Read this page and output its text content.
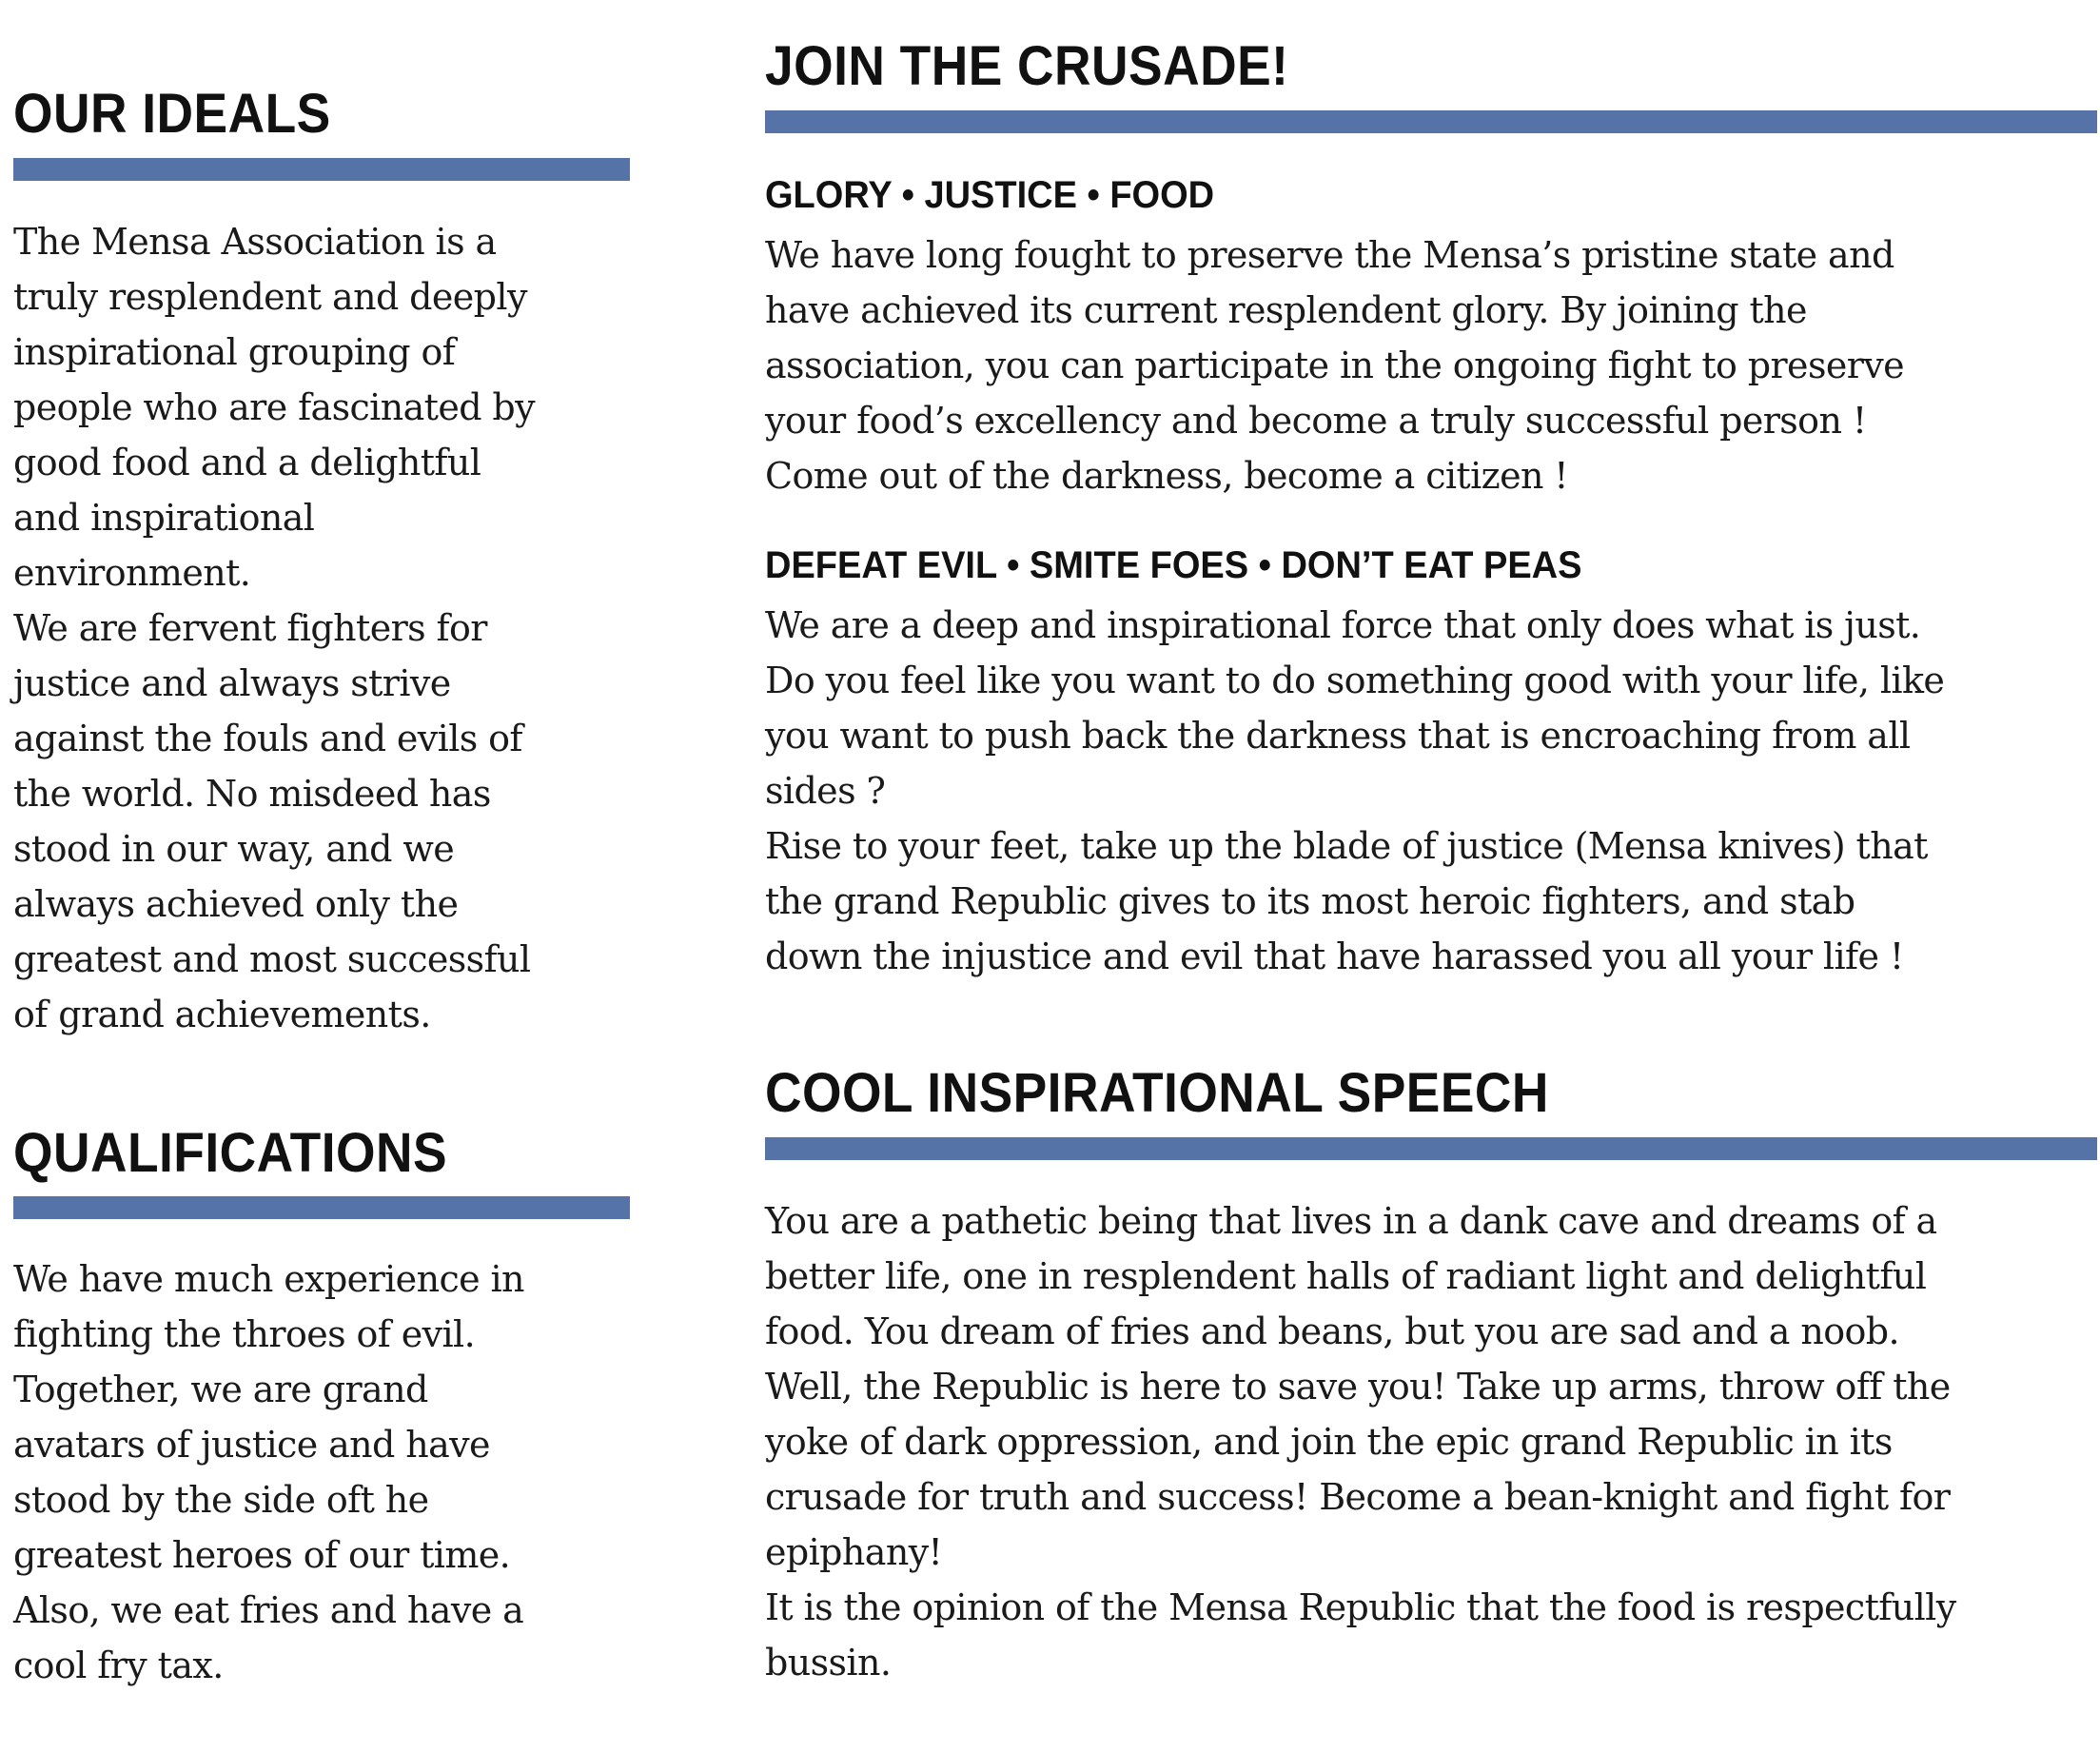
OUR IDEALS

The Mensa Association is a
truly resplendent and deeply
inspirational grouping of
people who are fascinated by
good food and a delightful
and inspirational
environment.

We are fervent fighters for
justice and always strive
against the fouls and evils of
the world. No misdeed has
stood in our way, and we
always achieved only the
greatest and most successful
of grand achievements.

QUALIFICATIONS

We have much experience in
fighting the throes of evil.
Together, we are grand
avatars of justice and have
stood by the side oft he
greatest heroes of our time.
Also, we eat fries and have a
cool fry tax.

JOIN THE CRUSADE!
GLORY • JUSTICE • FOOD

We have long fought to preserve the Mensa’s pristine state and
have achieved its current resplendent glory. By joining the
association, you can participate in the ongoing fight to preserve
your food’s excellency and become a truly successful person !
Come out of the darkness, become a citizen !

DEFEAT EVIL • SMITE FOES • DON’T EAT PEAS

We are a deep and inspirational force that only does what is just.
Do you feel like you want to do something good with your life, like
you want to push back the darkness that is encroaching from all
sides ?

Rise to your feet, take up the blade of justice (Mensa knives) that
the grand Republic gives to its most heroic fighters, and stab
down the injustice and evil that have harassed you all your life !

COOL INSPIRATIONAL SPEECH

You are a pathetic being that lives in a dank cave and dreams of a
better life, one in resplendent halls of radiant light and delightful
food. You dream of fries and beans, but you are sad and a noob.
Well, the Republic is here to save you! Take up arms, throw off the
yoke of dark oppression, and join the epic grand Republic in its
crusade for truth and success! Become a bean-knight and fight for
epiphany!

It is the opinion of the Mensa Republic that the food is respectfully
bussin.
